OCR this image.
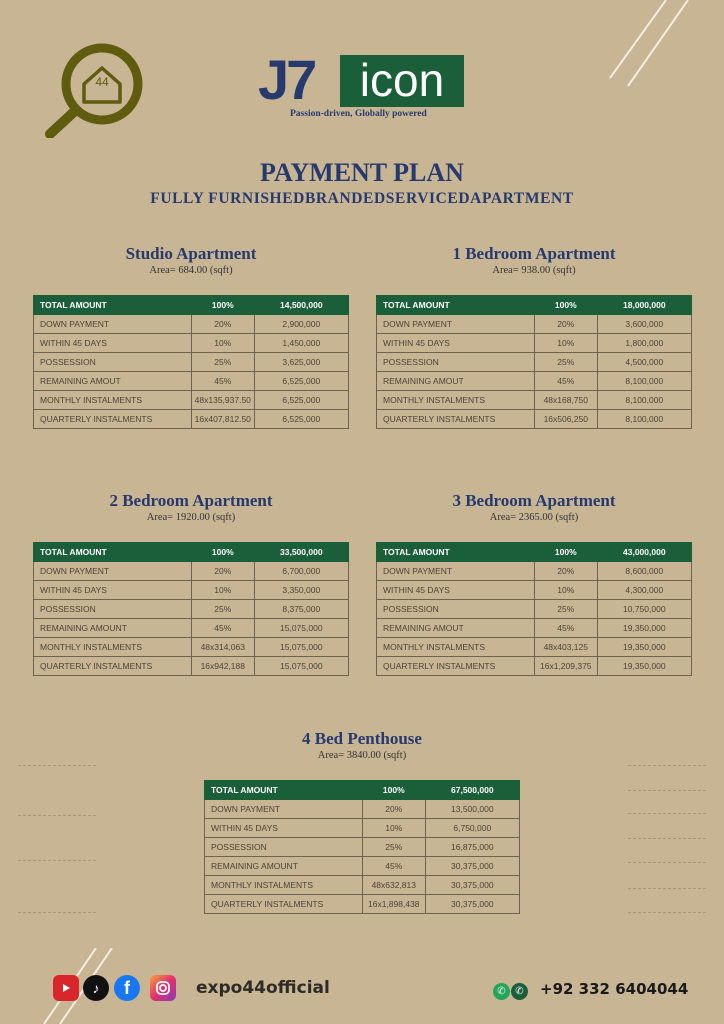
44	J7 icon
Passion-driven, Globally powered
PAYMENT PLAN
FULLY FURNISHEDBRANDEDSERVICEDAPARTMENT
Studio Apartment
Area= 684.00 (sqft)
TOTAL AMOUNT	100%	14,500,000
DOWN PAYMENT	20%	2,900,000
WITHIN 45 DAYS	10%	1,450,000
POSSESSION	25%	3,625,000
REMAINING AMOUT	45%	6,525,000
MONTHLY INSTALMENTS	48x135,937.50	6,525,000
QUARTERLY INSTALMENTS	16x407,812.50	6,525,000
1 Bedroom Apartment
Area= 938.00 (sqft)
TOTAL AMOUNT	100%	18,000,000
DOWN PAYMENT	20%	3,600,000
WITHIN 45 DAYS	10%	1,800,000
POSSESSION	25%	4,500,000
REMAINING AMOUT	45%	8,100,000
MONTHLY INSTALMENTS	48x168,750	8,100,000
QUARTERLY INSTALMENTS	16x506,250	8,100,000
2 Bedroom Apartment
Area= 1920.00 (sqft)
TOTAL AMOUNT	100%	33,500,000
DOWN PAYMENT	20%	6,700,000
WITHIN 45 DAYS	10%	3,350,000
POSSESSION	25%	8,375,000
REMAINING AMOUNT	45%	15,075,000
MONTHLY INSTALMENTS	48x314,063	15,075,000
QUARTERLY INSTALMENTS	16x942,188	15,075,000
3 Bedroom Apartment
Area= 2365.00 (sqft)
TOTAL AMOUNT	100%	43,000,000
DOWN PAYMENT	20%	8,600,000
WITHIN 45 DAYS	10%	4,300,000
POSSESSION	25%	10,750,000
REMAINING AMOUT	45%	19,350,000
MONTHLY INSTALMENTS	48x403,125	19,350,000
QUARTERLY INSTALMENTS	16x1,209,375	19,350,000
4 Bed Penthouse
Area= 3840.00 (sqft)
TOTAL AMOUNT	100%	67,500,000
DOWN PAYMENT	20%	13,500,000
WITHIN 45 DAYS	10%	6,750,000
POSSESSION	25%	16,875,000
REMAINING AMOUNT	45%	30,375,000
MONTHLY INSTALMENTS	48x632,813	30,375,000
QUARTERLY INSTALMENTS	16x1,898,438	30,375,000
♪	f	expo44official	✆ ✆ +92 332 6404044
